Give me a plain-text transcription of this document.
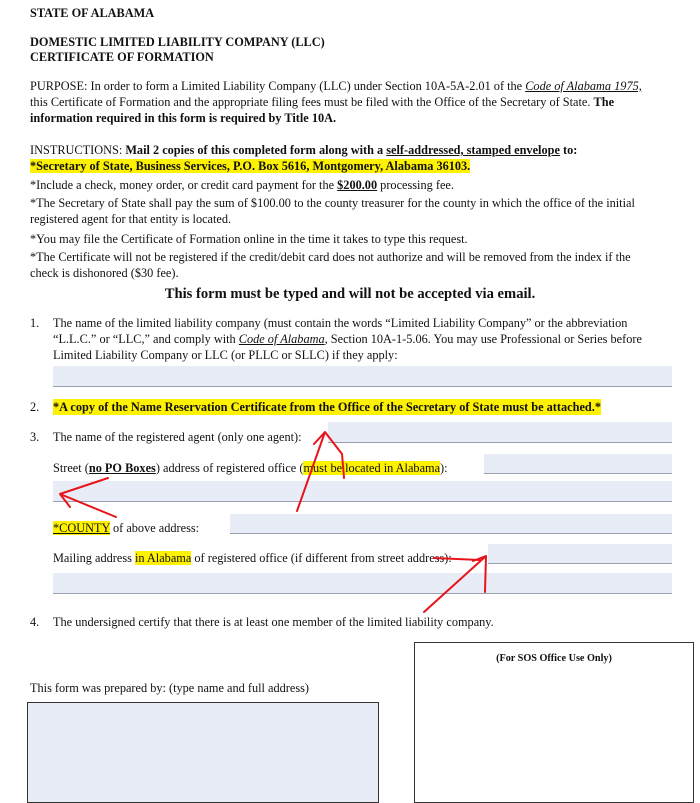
STATE OF ALABAMA
DOMESTIC LIMITED LIABILITY COMPANY (LLC)
CERTIFICATE OF FORMATION

PURPOSE: In order to form a Limited Liability Company (LLC) under Section 10A-5A-2.01 of the Code of Alabama 1975, this Certificate of Formation and the appropriate filing fees must be filed with the Office of the Secretary of State. The information required in this form is required by Title 10A.

INSTRUCTIONS: Mail 2 copies of this completed form along with a self-addressed, stamped envelope to:

*Secretary of State, Business Services, P.O. Box 5616, Montgomery, Alabama 36103.

*Include a check, money order, or credit card payment for the $200.00 processing fee.

*The Secretary of State shall pay the sum of $100.00 to the county treasurer for the county in which the office of the initial registered agent for that entity is located.

*You may file the Certificate of Formation online in the time it takes to type this request.

*The Certificate will not be registered if the credit/debit card does not authorize and will be removed from the index if the check is dishonored ($30 fee).

This form must be typed and will not be accepted via email.
1. The name of the limited liability company (must contain the words “Limited Liability Company” or the abbreviation “L.L.C.” or “LLC,” and comply with Code of Alabama, Section 10A-1-5.06. You may use Professional or Series before Limited Liability Company or LLC (or PLLC or SLLC) if they apply:

2. *A copy of the Name Reservation Certificate from the Office of the Secretary of State must be attached.*
3. The name of the registered agent (only one agent):
Street (no PO Boxes) address of registered office (must be located in Alabama):
*COUNTY of above address:
Mailing address in Alabama of registered office (if different from street address):
4. The undersigned certify that there is at least one member of the limited liability company.
(For SOS Office Use Only)
This form was prepared by: (type name and full address)
